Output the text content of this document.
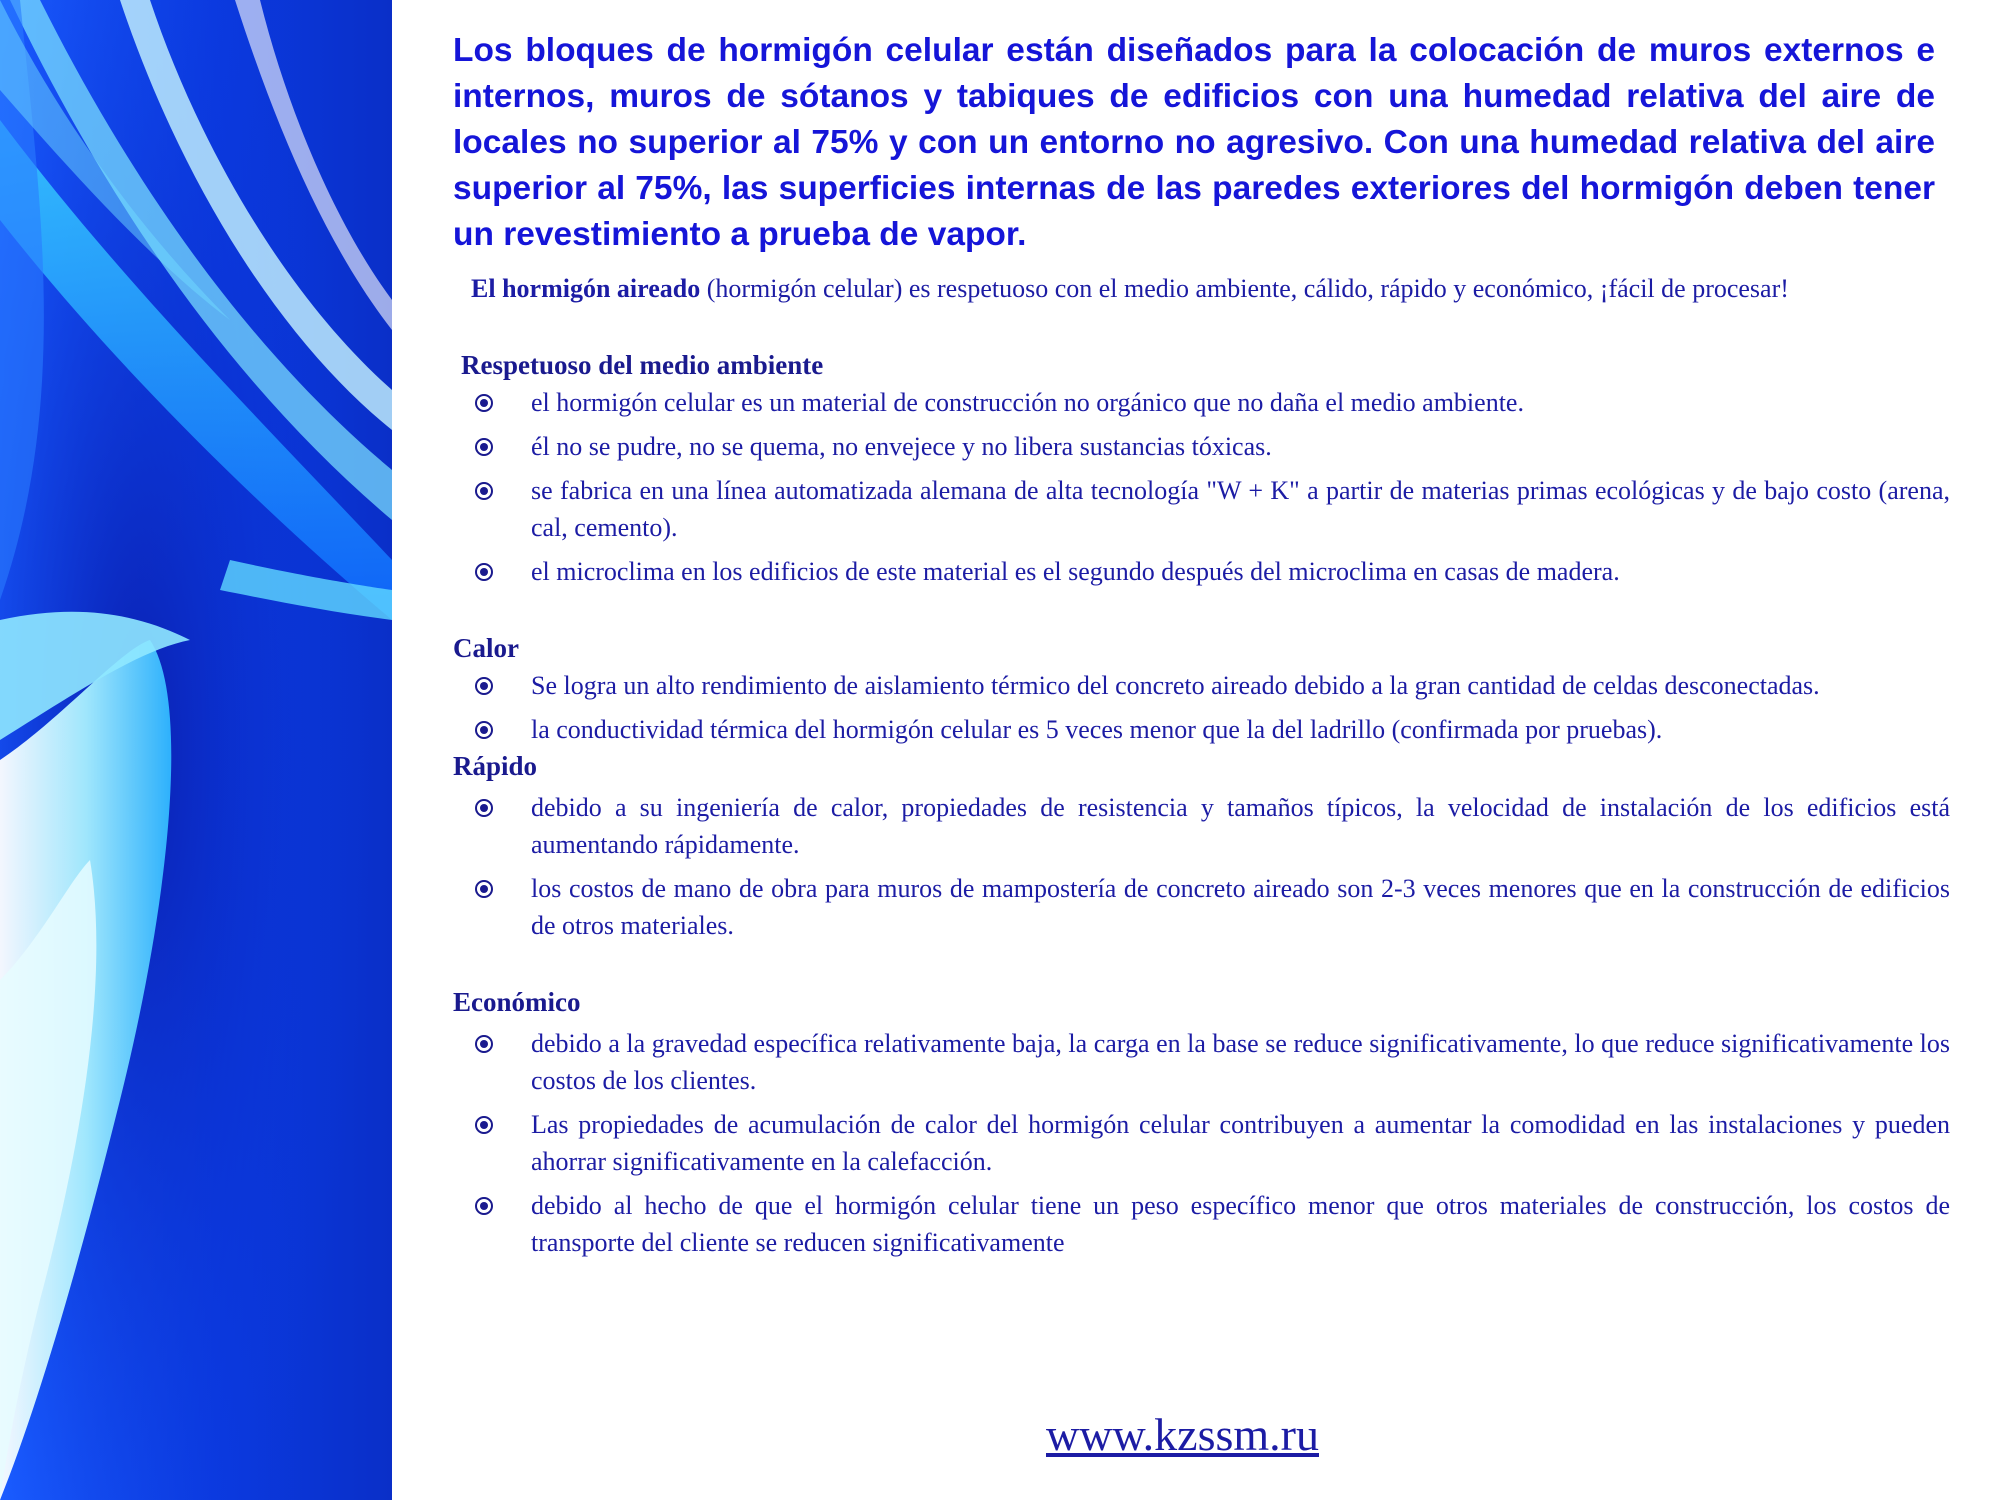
Los bloques de hormigón celular están diseñados para la colocación de muros externos e internos, muros de sótanos y tabiques de edificios con una humedad relativa del aire de locales no superior al 75% y con un entorno no agresivo. Con una humedad relativa del aire superior al 75%, las superficies internas de las paredes exteriores del hormigón deben tener un revestimiento a prueba de vapor.

El hormigón aireado (hormigón celular) es respetuoso con el medio ambiente, cálido, rápido y económico, ¡fácil de procesar!

Respetuoso del medio ambiente

el hormigón celular es un material de construcción no orgánico que no daña el medio ambiente.
él no se pudre, no se quema, no envejece y no libera sustancias tóxicas.
se fabrica en una línea automatizada alemana de alta tecnología "W + K" a partir de materias primas ecológicas y de bajo costo (arena, cal, cemento).
el microclima en los edificios de este material es el segundo después del microclima en casas de madera.

Calor

Se logra un alto rendimiento de aislamiento térmico del concreto aireado debido a la gran cantidad de celdas desconectadas.
la conductividad térmica del hormigón celular es 5 veces menor que la del ladrillo (confirmada por pruebas).

Rápido

debido a su ingeniería de calor, propiedades de resistencia y tamaños típicos, la velocidad de instalación de los edificios está aumentando rápidamente.
los costos de mano de obra para muros de mampostería de concreto aireado son 2-3 veces menores que en la construcción de edificios de otros materiales.

Económico

debido a la gravedad específica relativamente baja, la carga en la base se reduce significativamente, lo que reduce significativamente los costos de los clientes.
Las propiedades de acumulación de calor del hormigón celular contribuyen a aumentar la comodidad en las instalaciones y pueden ahorrar significativamente en la calefacción.
debido al hecho de que el hormigón celular tiene un peso específico menor que otros materiales de construcción, los costos de transporte del cliente se reducen significativamente
www.kzssm.ru
